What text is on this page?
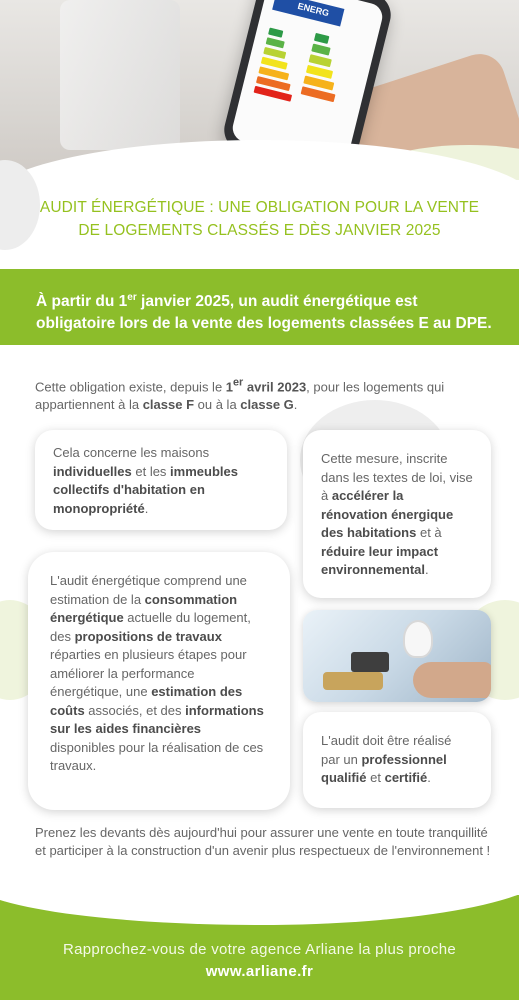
ENERG
AUDIT ÉNERGÉTIQUE : UNE OBLIGATION POUR LA VENTE
DE LOGEMENTS CLASSÉS E DÈS JANVIER 2025
À partir du 1er janvier 2025, un audit énergétique est obligatoire lors de la vente des logements classées E au DPE.
Cette obligation existe, depuis le 1er avril 2023, pour les logements qui appartiennent à la classe F ou à la classe G.
Cela concerne les maisons individuelles et les immeubles collectifs d'habitation en monopropriété.
Cette mesure, inscrite dans les textes de loi, vise à accélérer la rénovation énergique des habitations et à réduire leur impact environnemental.
L'audit énergétique comprend une estimation de la consommation énergétique actuelle du logement, des propositions de travaux réparties en plusieurs étapes pour améliorer la performance énergétique, une estimation des coûts associés, et des informations sur les aides financières disponibles pour la réalisation de ces travaux.
L'audit doit être réalisé par un professionnel qualifié et certifié.
Prenez les devants dès aujourd'hui pour assurer une vente en toute tranquillité et participer à la construction d'un avenir plus respectueux de l'environnement !
Rapprochez-vous de votre agence Arliane la plus proche
www.arliane.fr
